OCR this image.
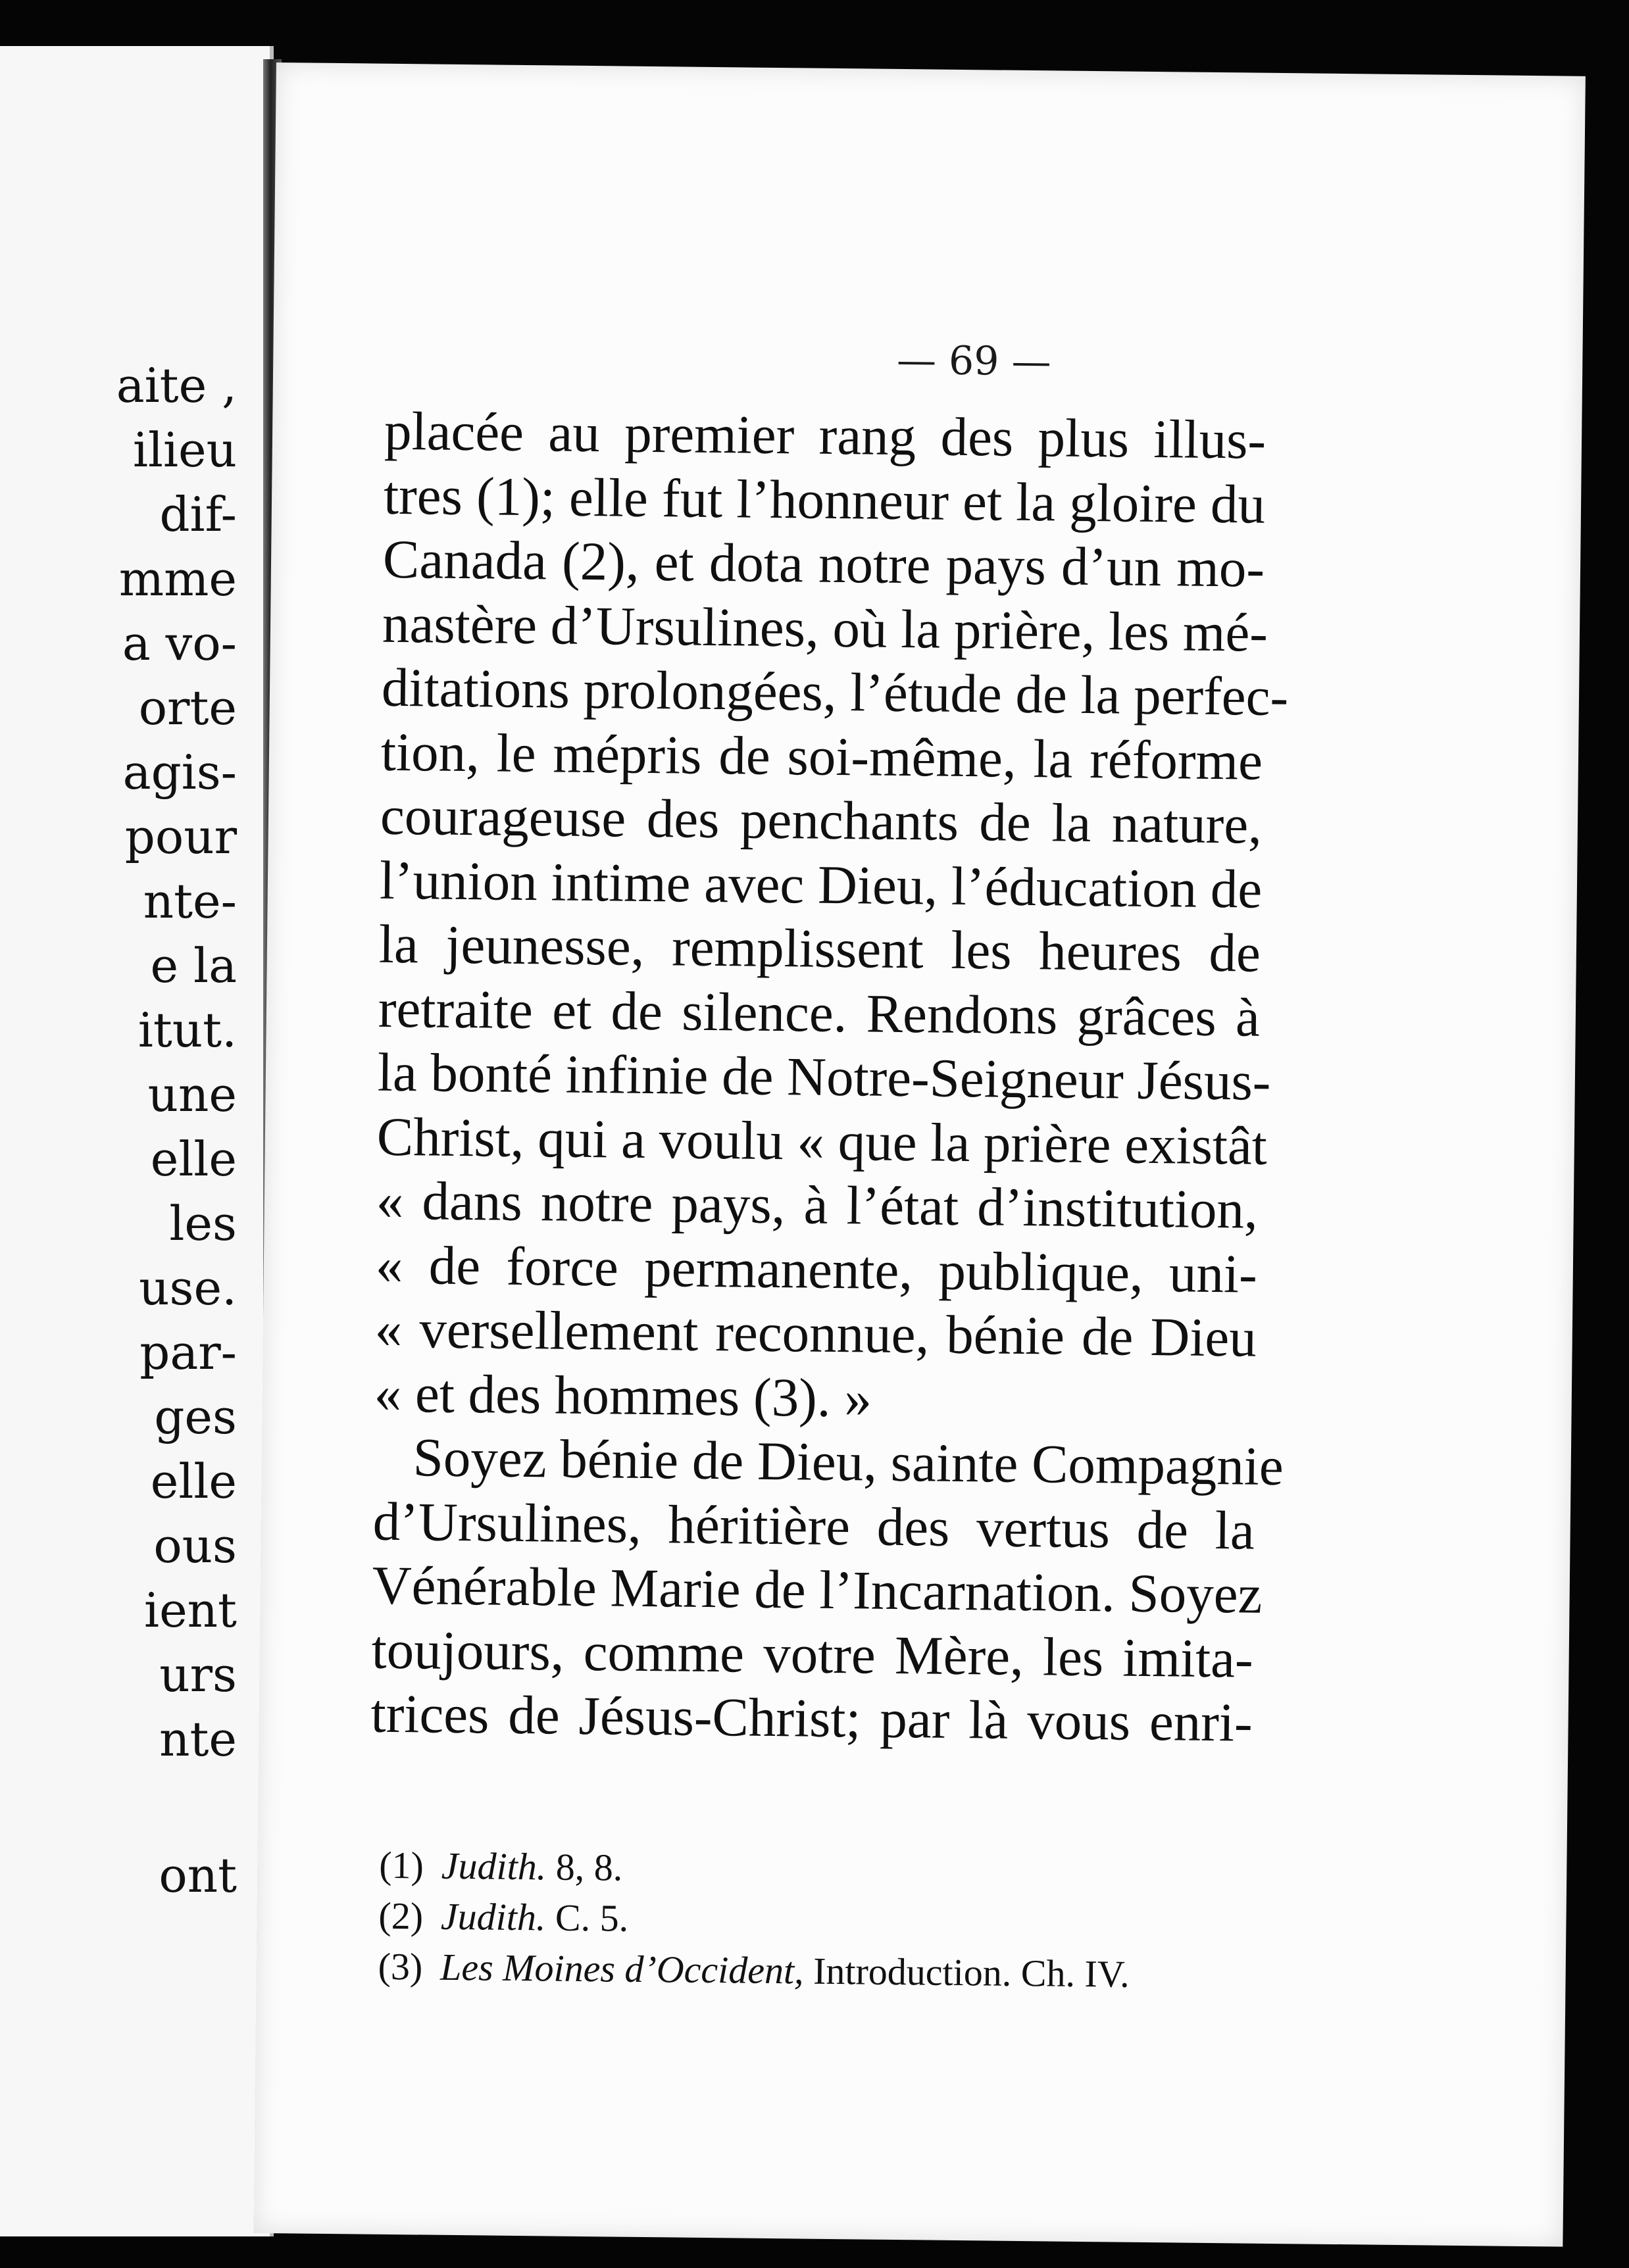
aite ,
ilieu
dif-
mme
a vo-
orte
agis-
pour
nte-
e la
itut.
une
elle
les
use.
par-
ges
elle
ous
ient
urs
nte
ont
— 69 —
placée au premier rang des plus illus-
tres (1); elle fut l’honneur et la gloire du
Canada (2), et dota notre pays d’un mo-
nastère d’Ursulines, où la prière, les mé-
ditations prolongées, l’étude de la perfec-
tion, le mépris de soi-même, la réforme
courageuse des penchants de la nature,
l’union intime avec Dieu, l’éducation de
la jeunesse, remplissent les heures de
retraite et de silence. Rendons grâces à
la bonté infinie de Notre-Seigneur Jésus-
Christ, qui a voulu « que la prière existât
« dans notre pays, à l’état d’institution,
« de force permanente, publique, uni-
« versellement reconnue, bénie de Dieu
« et des hommes (3). »
Soyez bénie de Dieu, sainte Compagnie
d’Ursulines, héritière des vertus de la
Vénérable Marie de l’Incarnation. Soyez
toujours, comme votre Mère, les imita-
trices de Jésus-Christ; par là vous enri-
(1) Judith. 8, 8.
(2) Judith. C. 5.
(3) Les Moines d’Occident, Introduction. Ch. IV.
